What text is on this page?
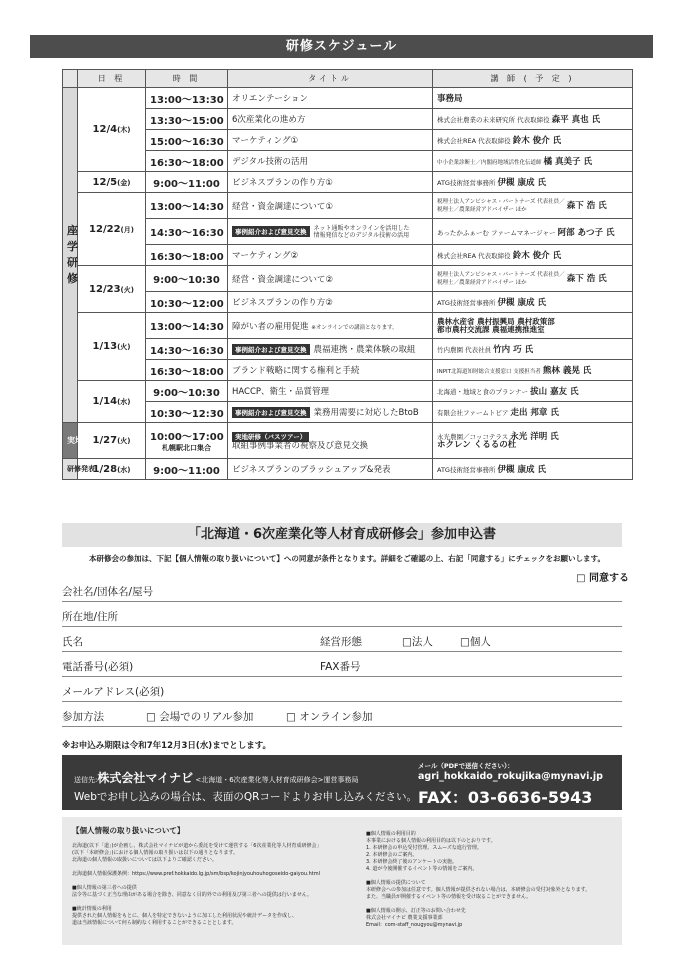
研修スケジュール
	日 程	時 間	タイトル	講 師 ( 予 定 )
座
学
研
修	12/4(木)	13:00〜13:30	オリエンテーション	事務局
		13:30〜15:00	6次産業化の進め方	株式会社農業の未来研究所 代表取締役 森平 真也 氏
		15:00〜16:30	マーケティング①	株式会社REA 代表取締役 鈴木 俊介 氏
		16:30〜18:00	デジタル技術の活用	中小企業診断士／内閣府地域活性化伝道師 橘 真美子 氏
	12/5(金)	9:00〜11:00	ビジネスプランの作り方①	ATG技術経営事務所 伊槻 康成 氏
	12/22(月)	13:00〜14:30	経営・資金調達について①	税理士法人アンビシャス・パートナーズ 代表社員／
税理士／農業経営アドバイザー ほか 森下 浩 氏
		14:30〜16:30	事例紹介および意見交換 ネット通販やオンラインを活用した
情報発信などのデジタル技術の活用	あったかふぁーむ ファームマネージャー 阿部 あつ子 氏
		16:30〜18:00	マーケティング②	株式会社REA 代表取締役 鈴木 俊介 氏
	12/23(火)	9:00〜10:30	経営・資金調達について②	税理士法人アンビシャス・パートナーズ 代表社員／
税理士／農業経営アドバイザー ほか 森下 浩 氏
		10:30〜12:00	ビジネスプランの作り方②	ATG技術経営事務所 伊槻 康成 氏
	1/13(火)	13:00〜14:30	障がい者の雇用促進 ※オンラインでの講演となります。	農林水産省 農村振興局 農村政策部
都市農村交流課 農福連携推進室
		14:30〜16:30	事例紹介および意見交換 農福連携・農業体験の取組	竹内農園 代表社員 竹内 巧 氏
		16:30〜18:00	ブランド戦略に関する権利と手続	INPIT北海道知財総合支援窓口 支援担当者 熊林 義晃 氏
	1/14(水)	9:00〜10:30	HACCP、衛生・品質管理	北海道・地域と食のプランナー 拔山 嘉友 氏
		10:30〜12:30	事例紹介および意見交換 業務用需要に対応したBtoB	有限会社ファームトピア 走出 邦章 氏
実地研修	1/27(火)	10:00〜17:00
札幌駅北口集合	実地研修（バスツアー）
取組事例事業者の視察及び意見交換	永光農園／コッコテラス 永光 洋明 氏
ホクレン くるるの杜
研修発表	1/28(水)	9:00〜11:00	ビジネスプランのブラッシュアップ&発表	ATG技術経営事務所 伊槻 康成 氏
「北海道・6次産業化等人材育成研修会」参加申込書
本研修会の参加は、下記【個人情報の取り扱いについて】への同意が条件となります。詳細をご確認の上、右記「同意する」にチェックをお願いします。
□ 同意する
会社名/団体名/屋号
所在地/住所
氏名	経営形態	□法人	□個人
電話番号(必須)	FAX番号
メールアドレス(必須)
参加方法	□ 会場でのリアル参加	□ オンライン参加
※お申込み期限は令和7年12月3日(水)までとします。
送信先:株式会社マイナビ <北海道・6次産業化等人材育成研修会>運営事務局
Webでお申し込みの場合は、表面のQRコードよりお申し込みください。
メール（PDFで送信ください）：
agri_hokkaido_rokujika@mynavi.jp
FAX：03-6636-5943
【個人情報の取り扱いについて】
北海道(以下「道」)が企画し、株式会社マイナビが道から委託を受けて運営する「6次産業化等人材育成研修会」
(以下「本研修会」)における個人情報の取り扱いは以下の通りとなります。
北海道の個人情報の取扱いについては以下よりご確認ください。

北海道個人情報保護条例：https://www.pref.hokkaido.lg.jp/sm/bsp/kojinjyouhouhogoseido-gaiyou.html

■個人情報の第三者への提供
法令等に基づく正当な理由がある場合を除き、同意なく目的外での利用及び第三者への提供は行いません。

■統計情報の利用
提供された個人情報をもとに、個人を特定できないように加工した利用状況や統計データを作成し、
道は当該情報について何ら制約なく利用することができることとします。
■個人情報の利用目的
本事業における個人情報の利用目的は以下のとおりです。
1. 本研修会の申込受付管理、スムーズな進行管理。
2. 本研修会のご案内。
3. 本研修会終了後のアンケートの実施。
4. 道が今後開催するイベント等の情報をご案内。

■個人情報の提供について
本研修会への参加は任意です。個人情報が提供されない場合は、本研修会の受付対象外となります。
また、当職員が開催するイベント等の情報を受け取ることができません。

■個人情報の開示、訂正等のお問い合わせ先
株式会社マイナビ 農業支援事業部
Email：com-staff_nougyou@mynavi.jp
